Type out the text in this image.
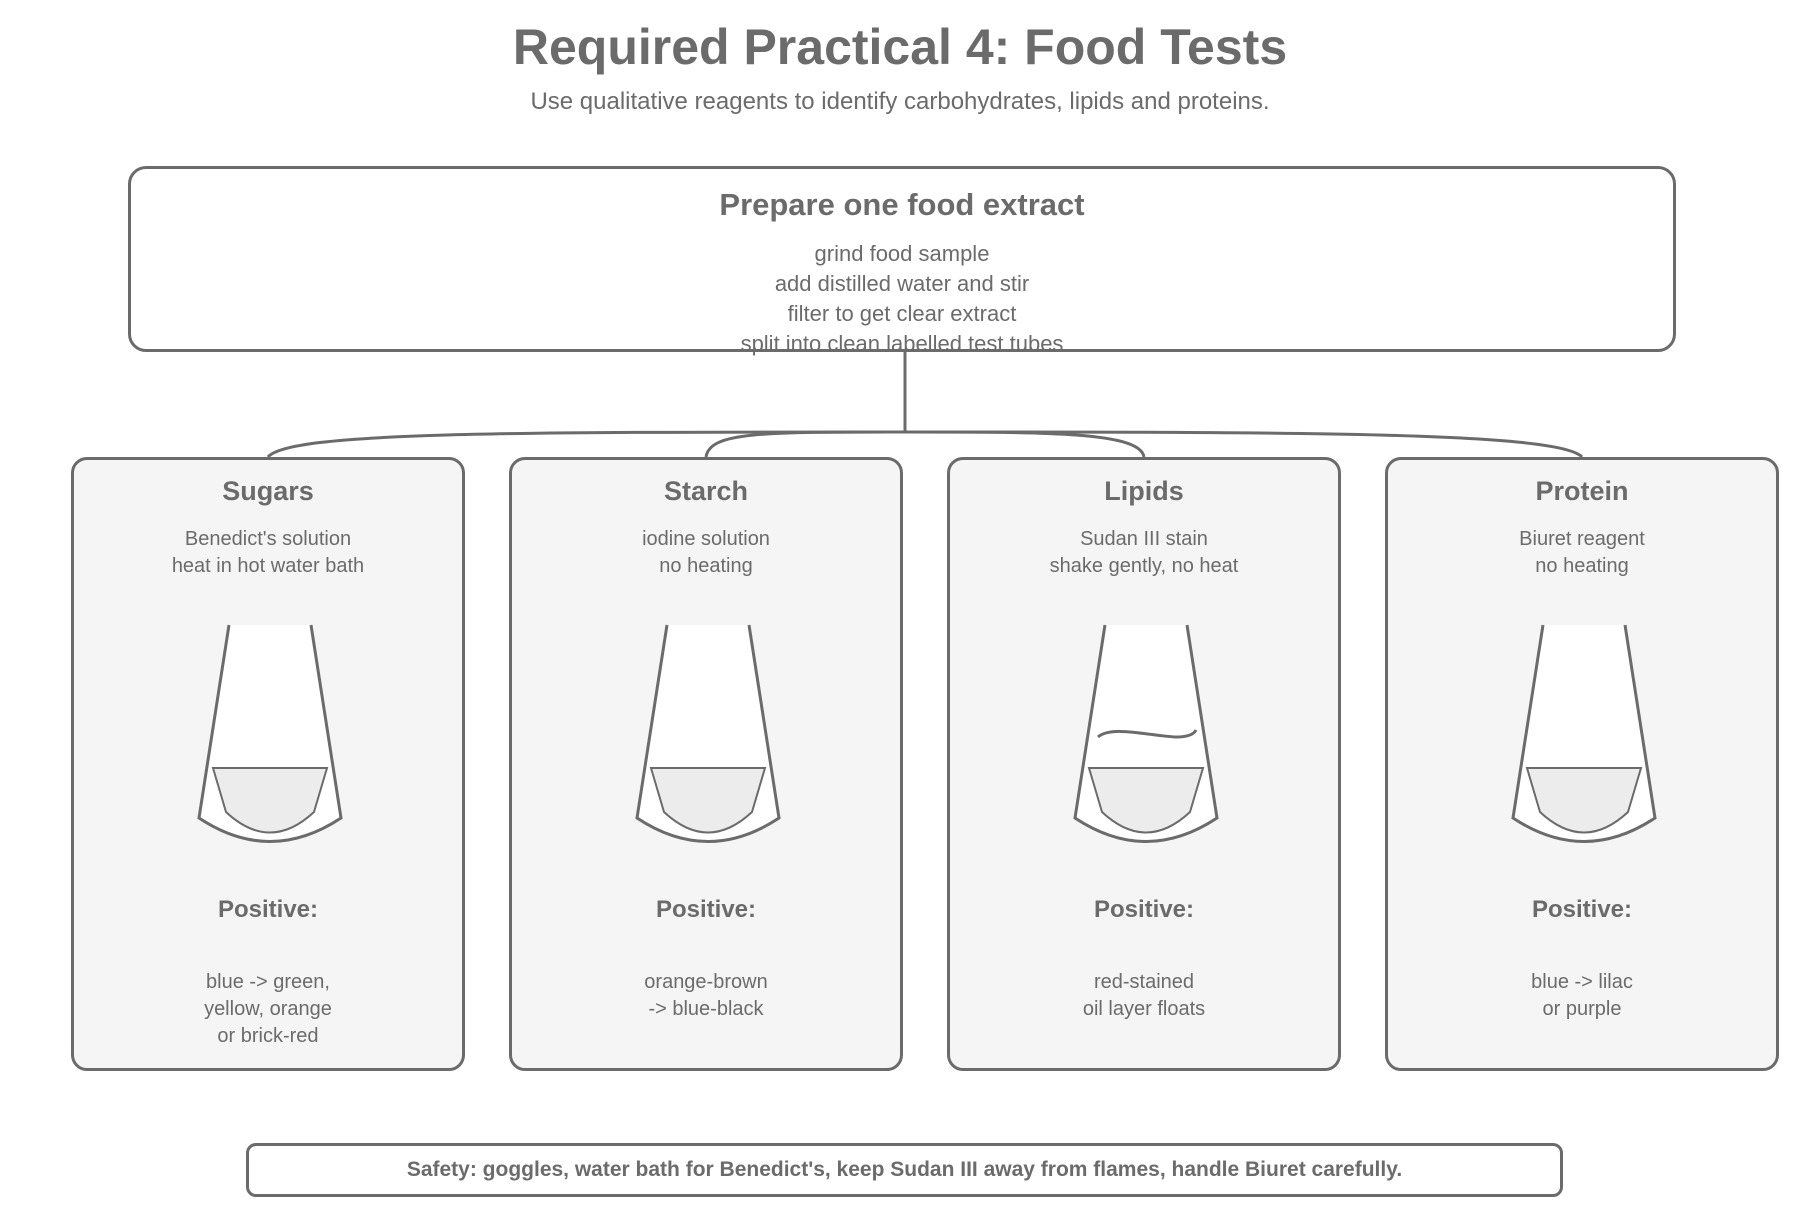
Required Practical 4: Food Tests
Use qualitative reagents to identify carbohydrates, lipids and proteins.
Prepare one food extract
grind food sample
add distilled water and stir
filter to get clear extract
split into clean labelled test tubes
Sugars
Benedict's solution
heat in hot water bath
Positive:
blue -> green,
yellow, orange
or brick-red
Starch
iodine solution
no heating
Positive:
orange-brown
-> blue-black
Lipids
Sudan III stain
shake gently, no heat
Positive:
red-stained
oil layer floats
Protein
Biuret reagent
no heating
Positive:
blue -> lilac
or purple
Safety: goggles, water bath for Benedict's, keep Sudan III away from flames, handle Biuret carefully.
